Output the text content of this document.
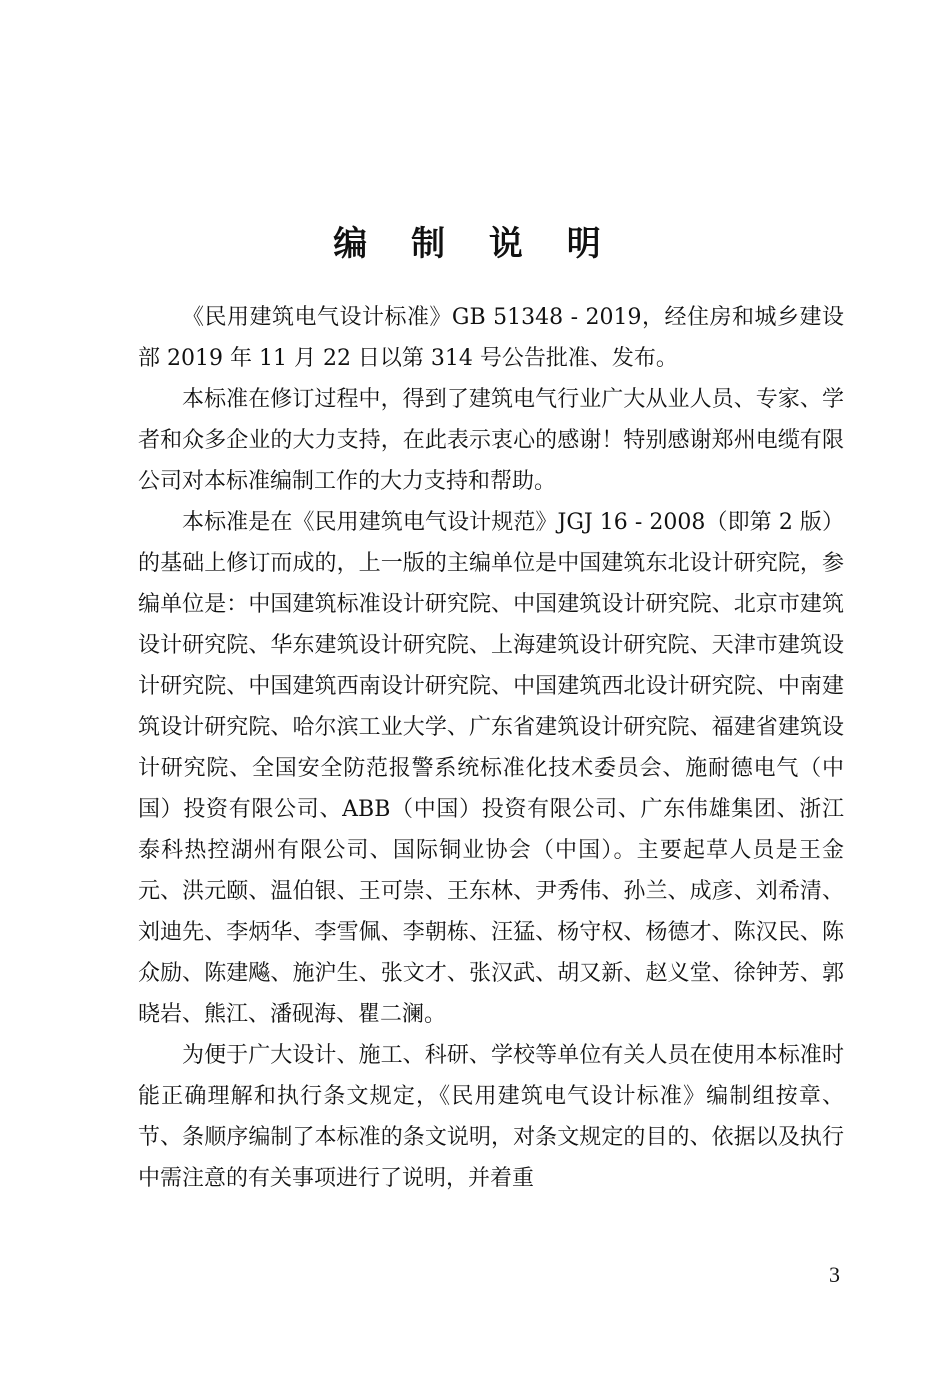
编 制 说 明

《民用建筑电气设计标准》GB 51348 - 2019，经住房和城乡建设部 2019 年 11 月 22 日以第 314 号公告批准、发布。

本标准在修订过程中，得到了建筑电气行业广大从业人员、专家、学者和众多企业的大力支持，在此表示衷心的感谢！特别感谢郑州电缆有限公司对本标准编制工作的大力支持和帮助。

本标准是在《民用建筑电气设计规范》JGJ 16 - 2008（即第 2 版）的基础上修订而成的，上一版的主编单位是中国建筑东北设计研究院，参编单位是：中国建筑标准设计研究院、中国建筑设计研究院、北京市建筑设计研究院、华东建筑设计研究院、上海建筑设计研究院、天津市建筑设计研究院、中国建筑西南设计研究院、中国建筑西北设计研究院、中南建筑设计研究院、哈尔滨工业大学、广东省建筑设计研究院、福建省建筑设计研究院、全国安全防范报警系统标准化技术委员会、施耐德电气（中国）投资有限公司、ABB（中国）投资有限公司、广东伟雄集团、浙江泰科热控湖州有限公司、国际铜业协会（中国）。主要起草人员是王金元、洪元颐、温伯银、王可崇、王东林、尹秀伟、孙兰、成彦、刘希清、刘迪先、李炳华、李雪佩、李朝栋、汪猛、杨守权、杨德才、陈汉民、陈众励、陈建飚、施沪生、张文才、张汉武、胡又新、赵义堂、徐钟芳、郭晓岩、熊江、潘砚海、瞿二澜。

为便于广大设计、施工、科研、学校等单位有关人员在使用本标准时能正确理解和执行条文规定，《民用建筑电气设计标准》编制组按章、节、条顺序编制了本标准的条文说明，对条文规定的目的、依据以及执行中需注意的有关事项进行了说明，并着重

3
